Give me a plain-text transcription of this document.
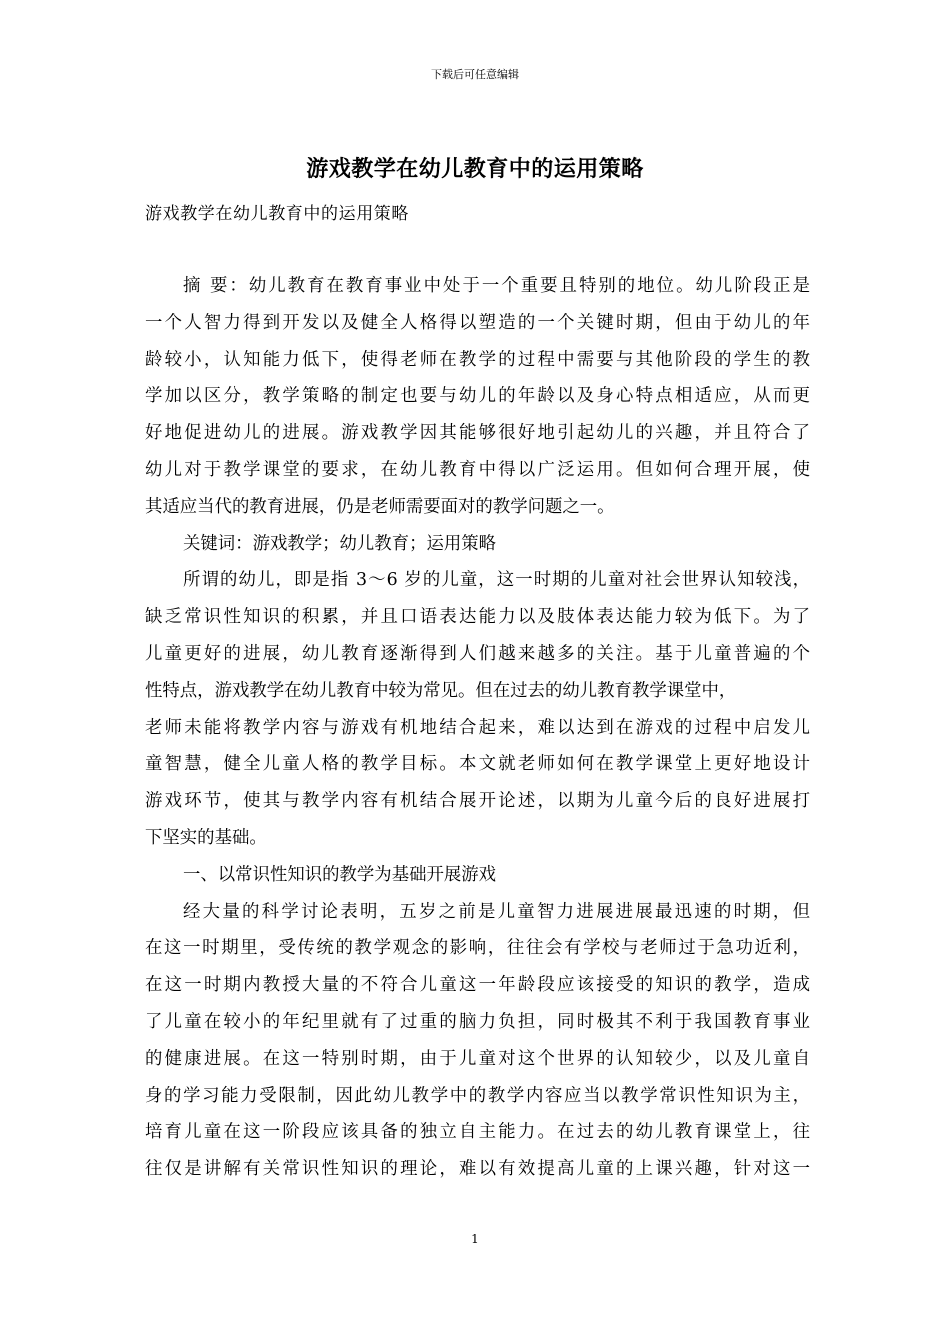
下载后可任意编辑
游戏教学在幼儿教育中的运用策略
游戏教学在幼儿教育中的运用策略
摘 要：幼儿教育在教育事业中处于一个重要且特别的地位。幼儿阶段正是
一个人智力得到开发以及健全人格得以塑造的一个关键时期，但由于幼儿的年
龄较小，认知能力低下，使得老师在教学的过程中需要与其他阶段的学生的教
学加以区分，教学策略的制定也要与幼儿的年龄以及身心特点相适应，从而更
好地促进幼儿的进展。游戏教学因其能够很好地引起幼儿的兴趣，并且符合了
幼儿对于教学课堂的要求，在幼儿教育中得以广泛运用。但如何合理开展，使
其适应当代的教育进展，仍是老师需要面对的教学问题之一。
关键词：游戏教学；幼儿教育；运用策略
所谓的幼儿，即是指 3～6 岁的儿童，这一时期的儿童对社会世界认知较浅，
缺乏常识性知识的积累，并且口语表达能力以及肢体表达能力较为低下。为了
儿童更好的进展，幼儿教育逐渐得到人们越来越多的关注。基于儿童普遍的个
性特点，游戏教学在幼儿教育中较为常见。但在过去的幼儿教育教学课堂中，
老师未能将教学内容与游戏有机地结合起来，难以达到在游戏的过程中启发儿
童智慧，健全儿童人格的教学目标。本文就老师如何在教学课堂上更好地设计
游戏环节，使其与教学内容有机结合展开论述，以期为儿童今后的良好进展打
下坚实的基础。
一、以常识性知识的教学为基础开展游戏
经大量的科学讨论表明，五岁之前是儿童智力进展进展最迅速的时期，但
在这一时期里，受传统的教学观念的影响，往往会有学校与老师过于急功近利，
在这一时期内教授大量的不符合儿童这一年龄段应该接受的知识的教学，造成
了儿童在较小的年纪里就有了过重的脑力负担，同时极其不利于我国教育事业
的健康进展。在这一特别时期，由于儿童对这个世界的认知较少，以及儿童自
身的学习能力受限制，因此幼儿教学中的教学内容应当以教学常识性知识为主，
培育儿童在这一阶段应该具备的独立自主能力。在过去的幼儿教育课堂上，往
往仅是讲解有关常识性知识的理论，难以有效提高儿童的上课兴趣，针对这一
1
